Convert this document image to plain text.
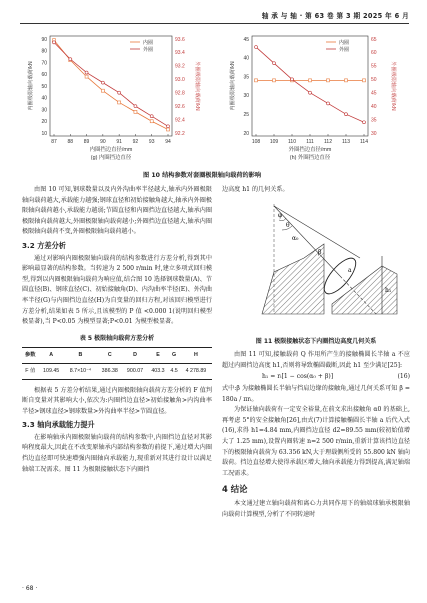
轴 承 与 轴 · 第 63 卷 第 3 期 2025 年 6 月
87 88 89 90 91 92 93 94
90
80
70
60
50
40
30
20
10
93.6
93.4
93.2
93.0
92.8
92.6
92.4
92.2
内圈极限轴向载荷/kN	外圈极限轴向载荷/kN
内圈挡边直径/mm
(g) 内圈挡边直径
内圈
外圈
108 109 110 111 112 113 114
45
40
35
30
25
20
65
60
55
50
45
40
35
30
内圈极限轴向载荷/kN	外圈极限轴向载荷/kN
外圈挡边直径/mm
(h) 外圈挡边直径
内圈
外圈
图 10 结构参数对套圈极限轴向载荷的影响

由图 10 可知,钢球数量以及内外沟曲率半径越大,轴承内外圈极限轴向载荷越大,承载能力越强;钢球直径和初始接触角越大,轴承内外圈极限轴向载荷越小,承载能力越弱;节圆直径和内圈挡边直径越大,轴承内圈极限轴向载荷越大,外圈极限轴向载荷越小;外圈挡边直径越大,轴承内圈极限轴向载荷不变,外圈极限轴向载荷越小。

3.2 方差分析

通过对影响内圈极限轴向载荷的结构参数进行方差分析,得到其中影响最显著的结构参数。当转速为 2 500 r/min 时,建立多项式回归模型,得到以内圈极限轴向载荷为响应值,结合图 10 选择钢球数量(A)、节圆直径(B)、钢球直径(C)、初始接触角(D)、内沟曲率半径(E)、外沟曲率半径(G)与内圈挡边直径(H)为自变量的回归方程,对该回归模型进行方差分析,结果如表 5 所示,且该模型的 P 值 <0.000 1(说明回归模型极显著),当 P<0.05 为模型显著;P<0.01 为模型极显著。

表 5 极限轴向载荷方差分析
参数	A	B	C	D	E	G	H
F 值	109.45	8.7×10⁻⁴	386.38	900.07	403.3	4.5	4 278.89

根据表 5 方差分析结果,通过内圈极限轴向载荷方差分析的 F 值判断自变量对其影响大小,依次为:内圈挡边直径>初始接触角>内沟曲率半径>钢球直径>钢球数量>外沟曲率半径>节圆直径。

3.3 轴向承载能力提升

在影响轴承内圈极限轴向载荷的结构参数中,内圈挡边直径对其影响程度最大,因此在不改变原轴承内部结构参数的前提下,通过增大内圈挡边直径即可快速增强内圈轴向承载能力,现重新对其进行设计以满足轴端工况需求。图 11 为极限接触状态下内圈挡

边高度 h1 的几何关系。

φ
θ
α₀
β
a
h₁
图 11 极限接触状态下内圈挡边高度几何关系

由图 11 可知,接触载荷 Q 作用所产生的接触椭圆长半轴 a 不应超过内圈挡边高度 h1,否则将导致椭圆截断,因此 h1 至少满足[25]:

h₁ = rᵢ[1 − cos(α₀ + β)]	(16)

式中:β 为接触椭圆长半轴与挡肩边缘的接触角,通过几何关系可知 β = 180a / πrᵢ。

为保证轴向载荷有一定安全裕量,在前文求出接触角 α0 的基础上,再考虑 5°的安全接触角[26],由式(7)计算接触椭圆长半轴 a 后代入式(16),求得 h1=4.84 mm,内圈挡边直径 d2=89.55 mm(较初始值增大了 1.25 mm),设置内圈转速 n=2 500 r/min,重新计算该挡边直径下的极限轴向载荷为 63.356 kN,大于理载侧所受的 55.800 kN 轴向载荷。挡边直径增大使得承载区增大,轴向承载能力得到提高,满足轴端工况需求。

4 结论

本文通过建立轴向载荷和离心力共同作用下的轴端球轴承极限轴向载荷计算模型,分析了不同转速时

· 68 ·
